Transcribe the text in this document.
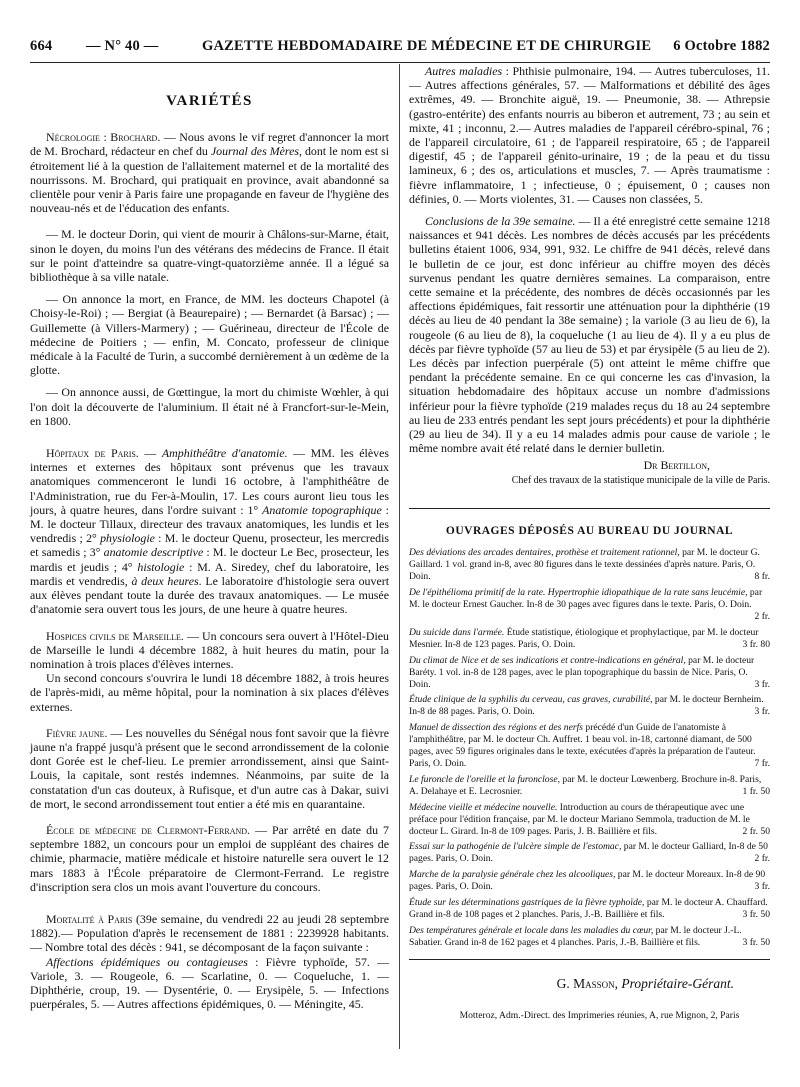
664 — N° 40 —	GAZETTE HEBDOMADAIRE DE MÉDECINE ET DE CHIRURGIE 6 Octobre 1882
VARIÉTÉS

Nécrologie : Brochard. — Nous avons le vif regret d'annoncer la mort de M. Brochard, rédacteur en chef du Journal des Mères, dont le nom est si étroitement lié à la question de l'allaitement maternel et de la mortalité des nourrissons. M. Brochard, qui pratiquait en province, avait abandonné sa clientèle pour venir à Paris faire une propagande en faveur de l'hygiène des nouveau-nés et de l'éducation des enfants.

— M. le docteur Dorin, qui vient de mourir à Châlons-sur-Marne, était, sinon le doyen, du moins l'un des vétérans des médecins de France. Il était sur le point d'atteindre sa quatre-vingt-quatorzième année. Il a légué sa bibliothèque à sa ville natale.

— On annonce la mort, en France, de MM. les docteurs Chapotel (à Choisy-le-Roi) ; — Bergiat (à Beaurepaire) ; — Bernardet (à Barsac) ; — Guillemette (à Villers-Marmery) ; — Guérineau, directeur de l'École de médecine de Poitiers ; — enfin, M. Concato, professeur de clinique médicale à la Faculté de Turin, a succombé dernièrement à un œdème de la glotte.

— On annonce aussi, de Gœttingue, la mort du chimiste Wœhler, à qui l'on doit la découverte de l'aluminium. Il était né à Francfort-sur-le-Mein, en 1800.

Hôpitaux de Paris. — Amphithéâtre d'anatomie. — MM. les élèves internes et externes des hôpitaux sont prévenus que les travaux anatomiques commenceront le lundi 16 octobre, à l'amphithéâtre de l'Administration, rue du Fer-à-Moulin, 17. Les cours auront lieu tous les jours, à quatre heures, dans l'ordre suivant : 1° Anatomie topographique : M. le docteur Tillaux, directeur des travaux anatomiques, les lundis et les vendredis ; 2° physiologie : M. le docteur Quenu, prosecteur, les mercredis et samedis ; 3° anatomie descriptive : M. le docteur Le Bec, prosecteur, les mardis et jeudis ; 4° histologie : M. A. Siredey, chef du laboratoire, les mardis et vendredis, à deux heures. Le laboratoire d'histologie sera ouvert aux élèves pendant toute la durée des travaux anatomiques. — Le musée d'anatomie sera ouvert tous les jours, de une heure à quatre heures.

Hospices civils de Marseille. — Un concours sera ouvert à l'Hôtel-Dieu de Marseille le lundi 4 décembre 1882, à huit heures du matin, pour la nomination à trois places d'élèves internes.

Un second concours s'ouvrira le lundi 18 décembre 1882, à trois heures de l'après-midi, au même hôpital, pour la nomination à six places d'élèves externes.

Fièvre jaune. — Les nouvelles du Sénégal nous font savoir que la fièvre jaune n'a frappé jusqu'à présent que le second arrondissement de la colonie dont Gorée est le chef-lieu. Le premier arrondissement, ainsi que Saint-Louis, la capitale, sont restés indemnes. Néanmoins, par suite de la constatation d'un cas douteux, à Rufisque, et d'un autre cas à Dakar, suivi de mort, le second arrondissement tout entier a été mis en quarantaine.

École de médecine de Clermont-Ferrand. — Par arrêté en date du 7 septembre 1882, un concours pour un emploi de suppléant des chaires de chimie, pharmacie, matière médicale et histoire naturelle sera ouvert le 12 mars 1883 à l'École préparatoire de Clermont-Ferrand. Le registre d'inscription sera clos un mois avant l'ouverture du concours.

Mortalité à Paris (39e semaine, du vendredi 22 au jeudi 28 septembre 1882).— Population d'après le recensement de 1881 : 2239928 habitants. — Nombre total des décès : 941, se décomposant de la façon suivante :

Affections épidémiques ou contagieuses : Fièvre typhoïde, 57. — Variole, 3. — Rougeole, 6. — Scarlatine, 0. — Coqueluche, 1. — Diphthérie, croup, 19. — Dysentérie, 0. — Erysipèle, 5. — Infections puerpérales, 5. — Autres affections épidémiques, 0. — Méningite, 45.

Autres maladies : Phthisie pulmonaire, 194. — Autres tuberculoses, 11. — Autres affections générales, 57. — Malformations et débilité des âges extrêmes, 49. — Bronchite aiguë, 19. — Pneumonie, 38. — Athrepsie (gastro-entérite) des enfants nourris au biberon et autrement, 73 ; au sein et mixte, 41 ; inconnu, 2.— Autres maladies de l'appareil cérébro-spinal, 76 ; de l'appareil circulatoire, 61 ; de l'appareil respiratoire, 65 ; de l'appareil digestif, 45 ; de l'appareil génito-urinaire, 19 ; de la peau et du tissu lamineux, 6 ; des os, articulations et muscles, 7. — Après traumatisme : fièvre inflammatoire, 1 ; infectieuse, 0 ; épuisement, 0 ; causes non définies, 0. — Morts violentes, 31. — Causes non classées, 5.

Conclusions de la 39e semaine. — Il a été enregistré cette semaine 1218 naissances et 941 décès. Les nombres de décès accusés par les précédents bulletins étaient 1006, 934, 991, 932. Le chiffre de 941 décès, relevé dans le bulletin de ce jour, est donc inférieur au chiffre moyen des décès survenus pendant les quatre dernières semaines. La comparaison, entre cette semaine et la précédente, des nombres de décès occasionnés par les affections épidémiques, fait ressortir une atténuation pour la diphthérie (19 décès au lieu de 40 pendant la 38e semaine) ; la variole (3 au lieu de 6), la rougeole (6 au lieu de 8), la coqueluche (1 au lieu de 4). Il y a eu plus de décès par fièvre typhoïde (57 au lieu de 53) et par érysipèle (5 au lieu de 2). Les décès par infection puerpérale (5) ont atteint le même chiffre que pendant la précédente semaine. En ce qui concerne les cas d'invasion, la situation hebdomadaire des hôpitaux accuse un nombre d'admissions inférieur pour la fièvre typhoïde (219 malades reçus du 18 au 24 septembre au lieu de 233 entrés pendant les sept jours précédents) et pour la diphthérie (29 au lieu de 34). Il y a eu 14 malades admis pour cause de variole ; le même nombre avait été relaté dans le dernier bulletin.

Dr Bertillon,
Chef des travaux de la statistique municipale de la ville de Paris.
OUVRAGES DÉPOSÉS AU BUREAU DU JOURNAL
Des déviations des arcades dentaires, prothèse et traitement rationnel, par M. le docteur G. Gaillard. 1 vol. grand in-8, avec 80 figures dans le texte dessinées d'après nature. Paris, O. Doin.	8 fr.
De l'épithélioma primitif de la rate. Hypertrophie idiopathique de la rate sans leucémie, par M. le docteur Ernest Gaucher. In-8 de 30 pages avec figures dans le texte. Paris, O. Doin.
2 fr.
Du suicide dans l'armée. Étude statistique, étiologique et prophylactique, par M. le docteur Mesnier. In-8 de 123 pages. Paris, O. Doin.	3 fr. 80
Du climat de Nice et de ses indications et contre-indications en général, par M. le docteur Baréty. 1 vol. in-8 de 128 pages, avec le plan topographique du bassin de Nice. Paris, O. Doin.	3 fr.
Étude clinique de la syphilis du cerveau, cas graves, curabilité, par M. le docteur Bernheim. In-8 de 88 pages. Paris, O. Doin.	3 fr.
Manuel de dissection des régions et des nerfs précédé d'un Guide de l'anatomiste à l'amphithéâtre, par M. le docteur Ch. Auffret. 1 beau vol. in-18, cartonné diamant, de 500 pages, avec 59 figures originales dans le texte, exécutées d'après la préparation de l'auteur. Paris, O. Doin.	7 fr.
Le furoncle de l'oreille et la furonclose, par M. le docteur Lœwenberg. Brochure in-8. Paris, A. Delahaye et E. Lecrosnier.	1 fr. 50
Médecine vieille et médecine nouvelle. Introduction au cours de thérapeutique avec une préface pour l'édition française, par M. le docteur Mariano Semmola, traduction de M. le docteur L. Girard. In-8 de 109 pages. Paris, J. B. Baillière et fils.	2 fr. 50
Essai sur la pathogénie de l'ulcère simple de l'estomac, par M. le docteur Galliard, In-8 de 50 pages. Paris, O. Doin.	2 fr.
Marche de la paralysie générale chez les alcooliques, par M. le docteur Moreaux. In-8 de 90 pages. Paris, O. Doin.	3 fr.
Étude sur les déterminations gastriques de la fièvre typhoïde, par M. le docteur A. Chauffard. Grand in-8 de 108 pages et 2 planches. Paris, J.-B. Baillière et fils.	3 fr. 50
Des températures générale et locale dans les maladies du cœur, par M. le docteur J.-L. Sabatier. Grand in-8 de 162 pages et 4 planches. Paris, J.-B. Baillière et fils.	3 fr. 50
G. Masson, Propriétaire-Gérant.
Motteroz, Adm.-Direct. des Imprimeries réunies, A, rue Mignon, 2, Paris
